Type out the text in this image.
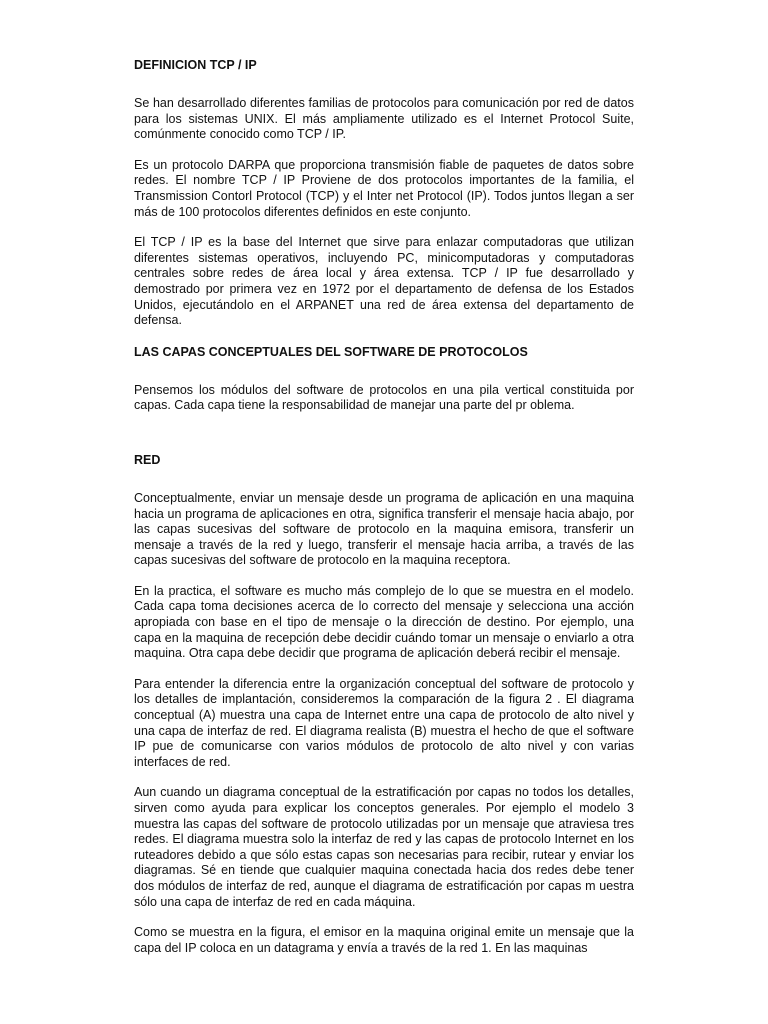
DEFINICION TCP / IP

Se han desarrollado diferentes familias de protocolos para comunicación por red de datos para los sistemas UNIX. El más ampliamente utilizado es el Internet Protocol Suite, comúnmente conocido como TCP / IP.

Es un protocolo DARPA que proporciona transmisión fiable de paquetes de datos sobre redes. El nombre TCP / IP Proviene de dos protocolos importantes de la familia, el Transmission Contorl Protocol (TCP) y el Inter net Protocol (IP). Todos juntos llegan a ser más de 100 protocolos diferentes definidos en este conjunto.

El TCP / IP es la base del Internet que sirve para enlazar computadoras que utilizan diferentes sistemas operativos, incluyendo PC, minicomputadoras y computadoras centrales sobre redes de área local y área extensa. TCP / IP fue desarrollado y demostrado por primera vez en 1972 por el departamento de defensa de los Estados Unidos, ejecutándolo en el ARPANET una red de área extensa del departamento de defensa.

LAS CAPAS CONCEPTUALES DEL SOFTWARE DE PROTOCOLOS

Pensemos los módulos del software de protocolos en una pila vertical constituida por capas. Cada capa tiene la responsabilidad de manejar una parte del pr oblema.

RED

Conceptualmente, enviar un mensaje desde un programa de aplicación en una maquina hacia un programa de aplicaciones en otra, significa transferir el mensaje hacia abajo, por las capas sucesivas del software de protocolo en la maquina emisora, transferir un mensaje a través de la red y luego, transferir el mensaje hacia arriba, a través de las capas sucesivas del software de protocolo en la maquina receptora.

En la practica, el software es mucho más complejo de lo que se muestra en el modelo. Cada capa toma decisiones acerca de lo correcto del mensaje y selecciona una acción apropiada con base en el tipo de mensaje o la dirección de destino. Por ejemplo, una capa en la maquina de recepción debe decidir cuándo tomar un mensaje o enviarlo a otra maquina. Otra capa debe decidir que programa de aplicación deberá recibir el mensaje.

Para entender la diferencia entre la organización conceptual del software de protocolo y los detalles de implantación, consideremos la comparación de la figura 2 . El diagrama conceptual (A) muestra una capa de Internet entre una capa de protocolo de alto nivel y una capa de interfaz de red. El diagrama realista (B) muestra el hecho de que el software IP pue de comunicarse con varios módulos de protocolo de alto nivel y con varias interfaces de red.

Aun cuando un diagrama conceptual de la estratificación por capas no todos los detalles, sirven como ayuda para explicar los conceptos generales. Por ejemplo el modelo 3 muestra las capas del software de protocolo utilizadas por un mensaje que atraviesa tres redes. El diagrama muestra solo la interfaz de red y las capas de protocolo Internet en los ruteadores debido a que sólo estas capas son necesarias para recibir, rutear y enviar los diagramas. Sé en tiende que cualquier maquina conectada hacia dos redes debe tener dos módulos de interfaz de red, aunque el diagrama de estratificación por capas m uestra sólo una capa de interfaz de red en cada máquina.

Como se muestra en la figura, el emisor en la maquina original emite un mensaje que la capa del IP coloca en un datagrama y envía a través de la red 1. En las maquinas
